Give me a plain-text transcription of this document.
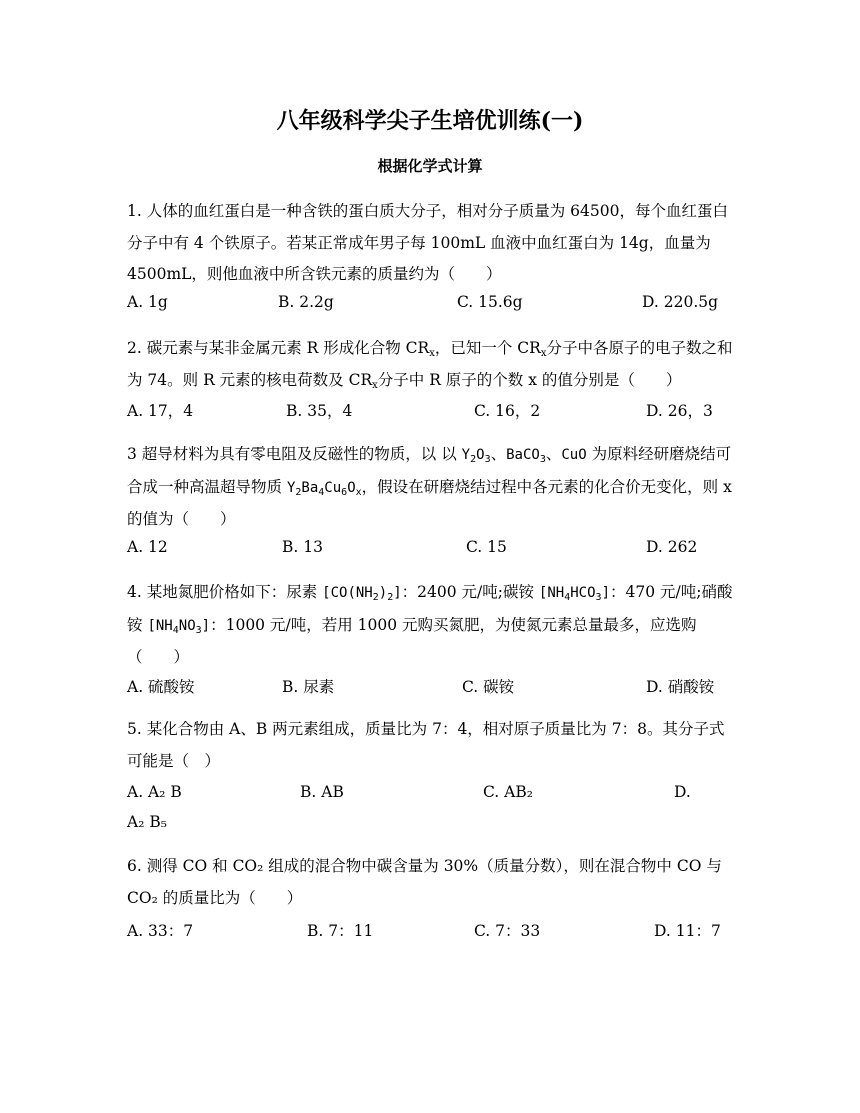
八年级科学尖子生培优训练(一)
根据化学式计算
1. 人体的血红蛋白是一种含铁的蛋白质大分子，相对分子质量为 64500，每个血红蛋白分子中有 4 个铁原子。若某正常成年男子每 100mL 血液中血红蛋白为 14g，血量为 4500mL，则他血液中所含铁元素的质量约为（　　）
A. 1g	B. 2.2g	C. 15.6g	D. 220.5g
2. 碳元素与某非金属元素 R 形成化合物 $CR_x$，已知一个 $CR_x$分子中各原子的电子数之和为 74。则 R 元素的核电荷数及 $CR_x$分子中 R 原子的个数 x 的值分别是（　　）
A. 17，4	B. 35，4	C. 16，2	D. 26，3
3 超导材料为具有零电阻及反磁性的物质，以 以 $Y_2O_3$、BaCO$_3$、CuO 为原料经研磨烧结可合成一种高温超导物质 $Y_2Ba_4Cu_6O_x$，假设在研磨烧结过程中各元素的化合价无变化，则 x 的值为（　　）
A. 12	B. 13	C. 15	D. 262
4. 某地氮肥价格如下：尿素 $[CO(NH_2)_2]$：2400 元/吨;碳铵 $[NH_4HCO_3]$：470 元/吨;硝酸铵 $[NH_4NO_3]$：1000 元/吨，若用 1000 元购买氮肥，为使氮元素总量最多，应选购（　　）
A. 硫酸铵	B. 尿素	C. 碳铵	D. 硝酸铵
5. 某化合物由 A、B 两元素组成，质量比为 7：4，相对原子质量比为 7：8。其分子式可能是（　）
A. A₂ B	B. AB	C. AB₂	D.
A₂ B₅
6. 测得 CO 和 CO₂ 组成的混合物中碳含量为 30%（质量分数），则在混合物中 CO 与 CO₂ 的质量比为（　　）
A. 33：7	B. 7：11	C. 7：33	D. 11：7
